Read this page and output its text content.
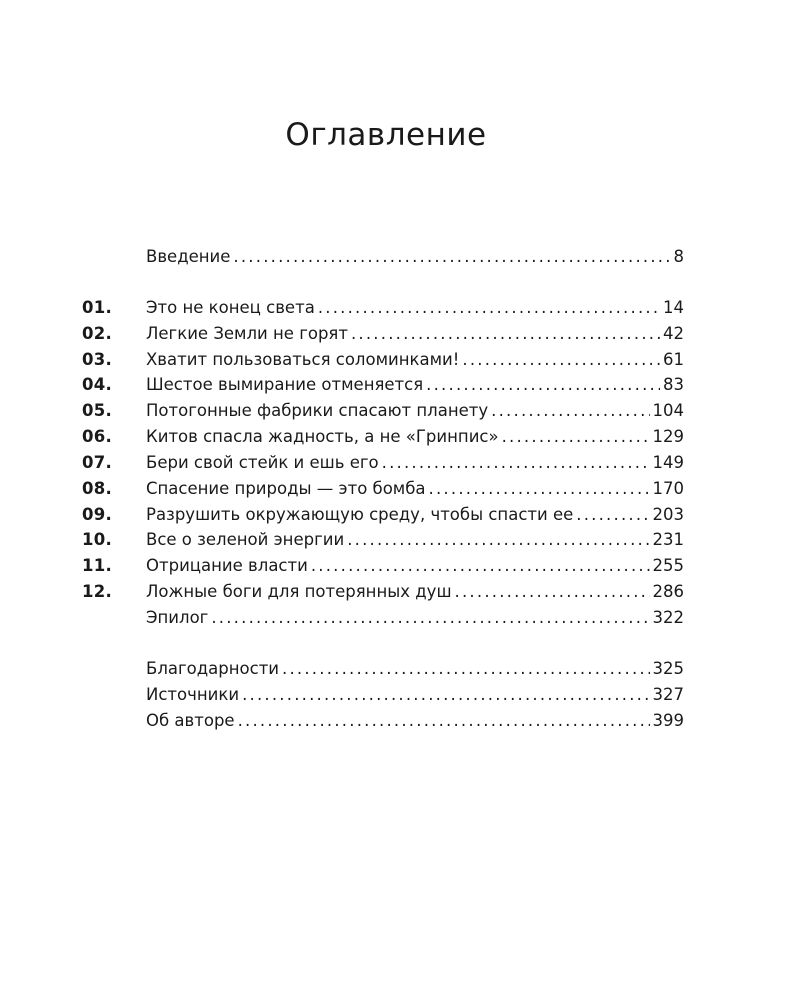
Оглавление
Введение .....	8
01.	Это не конец света .....	14
02.	Легкие Земли не горят .....	42
03.	Хватит пользоваться соломинками! .....	61
04.	Шестое вымирание отменяется .....	83
05.	Потогонные фабрики спасают планету .....	104
06.	Китов спасла жадность, а не «Гринпис» .....	129
07.	Бери свой стейк и ешь его .....	149
08.	Спасение природы — это бомба .....	170
09.	Разрушить окружающую среду, чтобы спасти ее .....	203
10.	Все о зеленой энергии .....	231
11.	Отрицание власти .....	255
12.	Ложные боги для потерянных душ .....	286
Эпилог .....	322
Благодарности .....	325
Источники .....	327
Об авторе .....	399
